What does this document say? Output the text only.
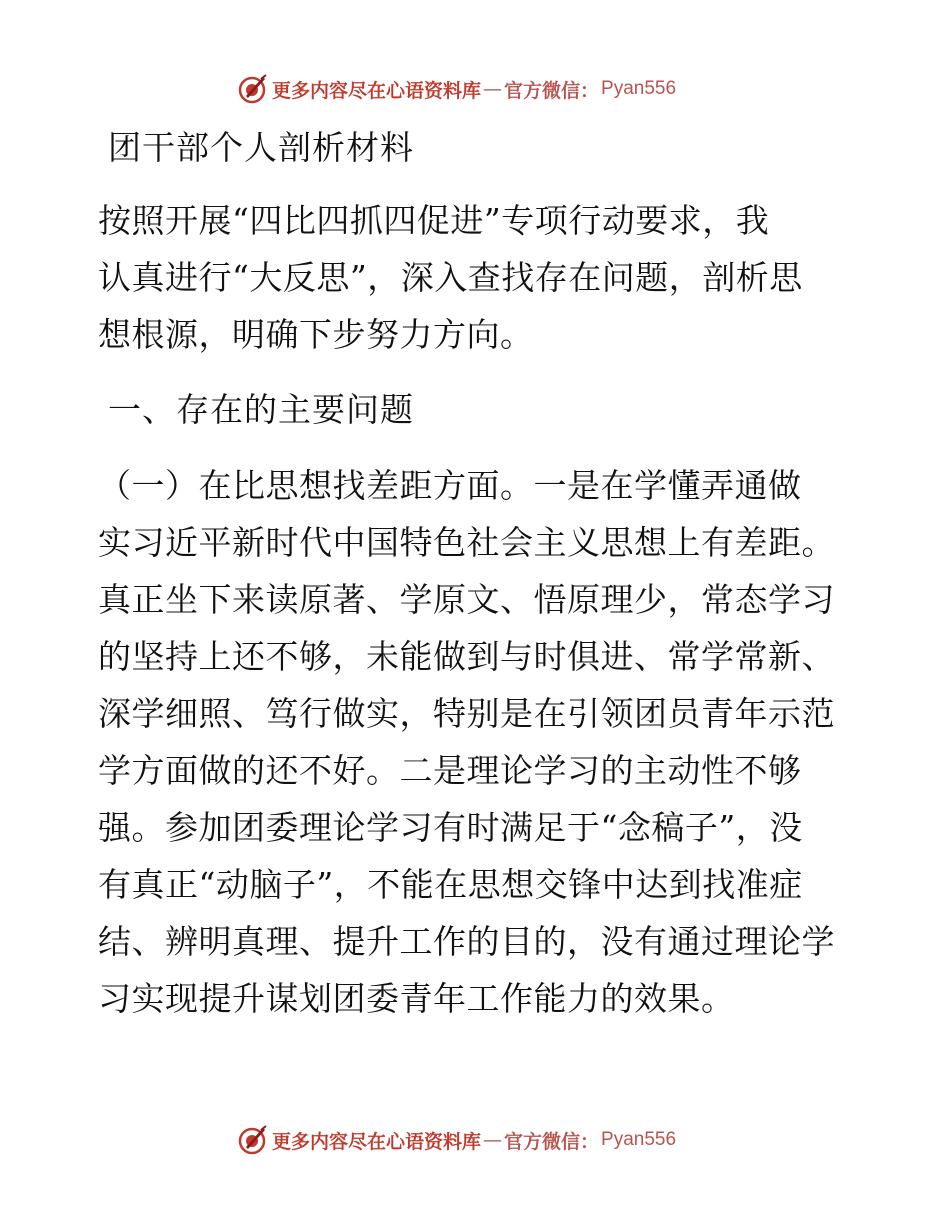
更多内容尽在心语资料库 — 官方微信： Pyan556
团干部个人剖析材料

按照开展“四比四抓四促进”专项行动要求，我
认真进行“大反思”，深入查找存在问题，剖析思
想根源，明确下步努力方向。

一、存在的主要问题

（一）在比思想找差距方面。一是在学懂弄通做
实习近平新时代中国特色社会主义思想上有差距。
真正坐下来读原著、学原文、悟原理少，常态学习
的坚持上还不够，未能做到与时俱进、常学常新、
深学细照、笃行做实，特别是在引领团员青年示范
学方面做的还不好。二是理论学习的主动性不够
强。参加团委理论学习有时满足于“念稿子”，没
有真正“动脑子”，不能在思想交锋中达到找准症
结、辨明真理、提升工作的目的，没有通过理论学
习实现提升谋划团委青年工作能力的效果。

更多内容尽在心语资料库 — 官方微信： Pyan556
